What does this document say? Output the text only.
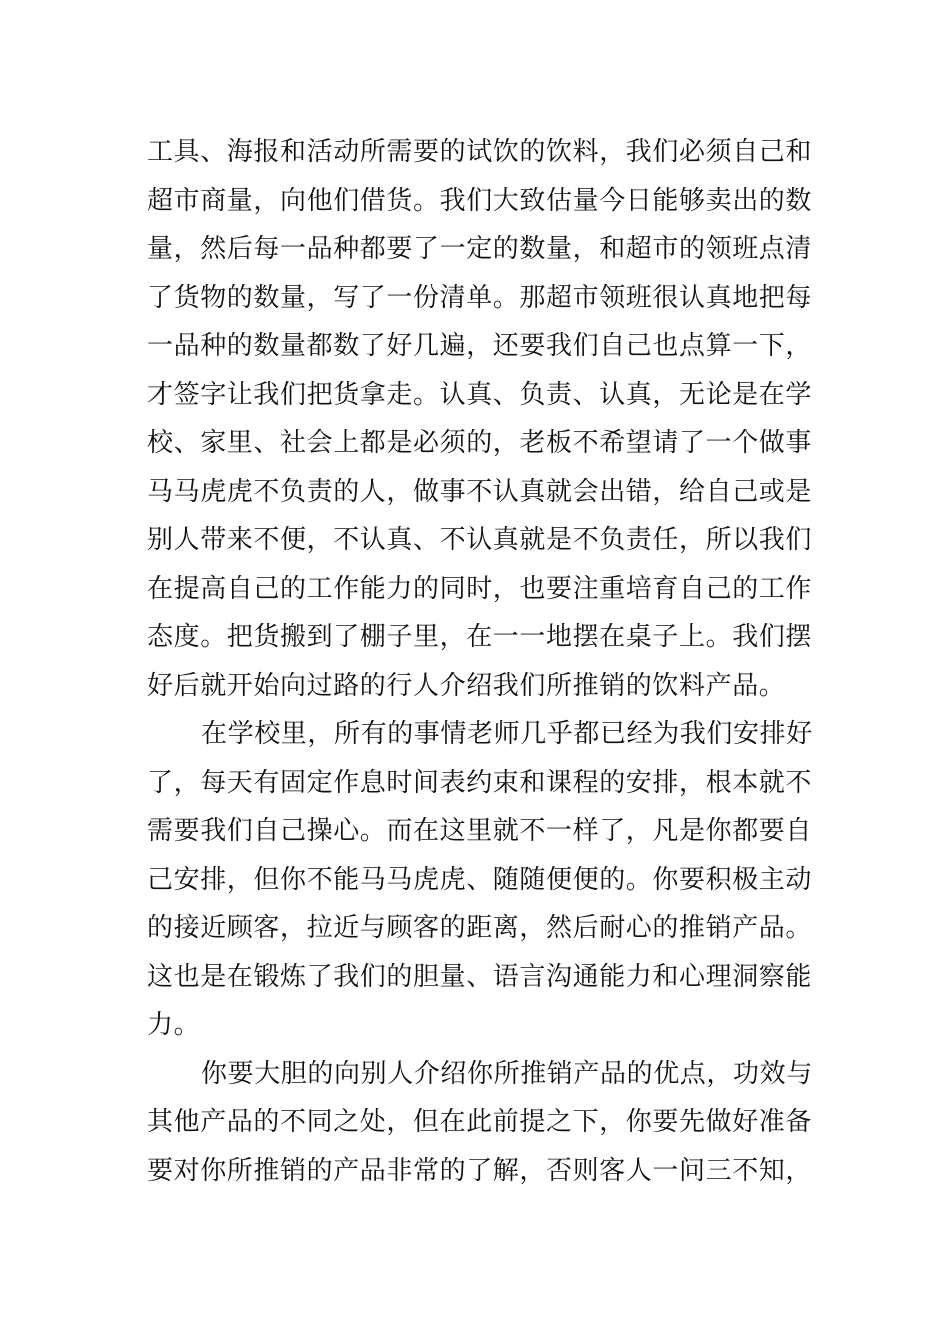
工具、海报和活动所需要的试饮的饮料，我们必须自己和
超市商量，向他们借货。我们大致估量今日能够卖出的数
量，然后每一品种都要了一定的数量，和超市的领班点清
了货物的数量，写了一份清单。那超市领班很认真地把每
一品种的数量都数了好几遍，还要我们自己也点算一下，
才签字让我们把货拿走。认真、负责、认真，无论是在学
校、家里、社会上都是必须的，老板不希望请了一个做事
马马虎虎不负责的人，做事不认真就会出错，给自己或是
别人带来不便，不认真、不认真就是不负责任，所以我们
在提高自己的工作能力的同时，也要注重培育自己的工作
态度。把货搬到了棚子里，在一一地摆在桌子上。我们摆
好后就开始向过路的行人介绍我们所推销的饮料产品。
在学校里，所有的事情老师几乎都已经为我们安排好
了，每天有固定作息时间表约束和课程的安排，根本就不
需要我们自己操心。而在这里就不一样了，凡是你都要自
己安排，但你不能马马虎虎、随随便便的。你要积极主动
的接近顾客，拉近与顾客的距离，然后耐心的推销产品。
这也是在锻炼了我们的胆量、语言沟通能力和心理洞察能
力。
你要大胆的向别人介绍你所推销产品的优点，功效与
其他产品的不同之处，但在此前提之下，你要先做好准备
要对你所推销的产品非常的了解，否则客人一问三不知，
